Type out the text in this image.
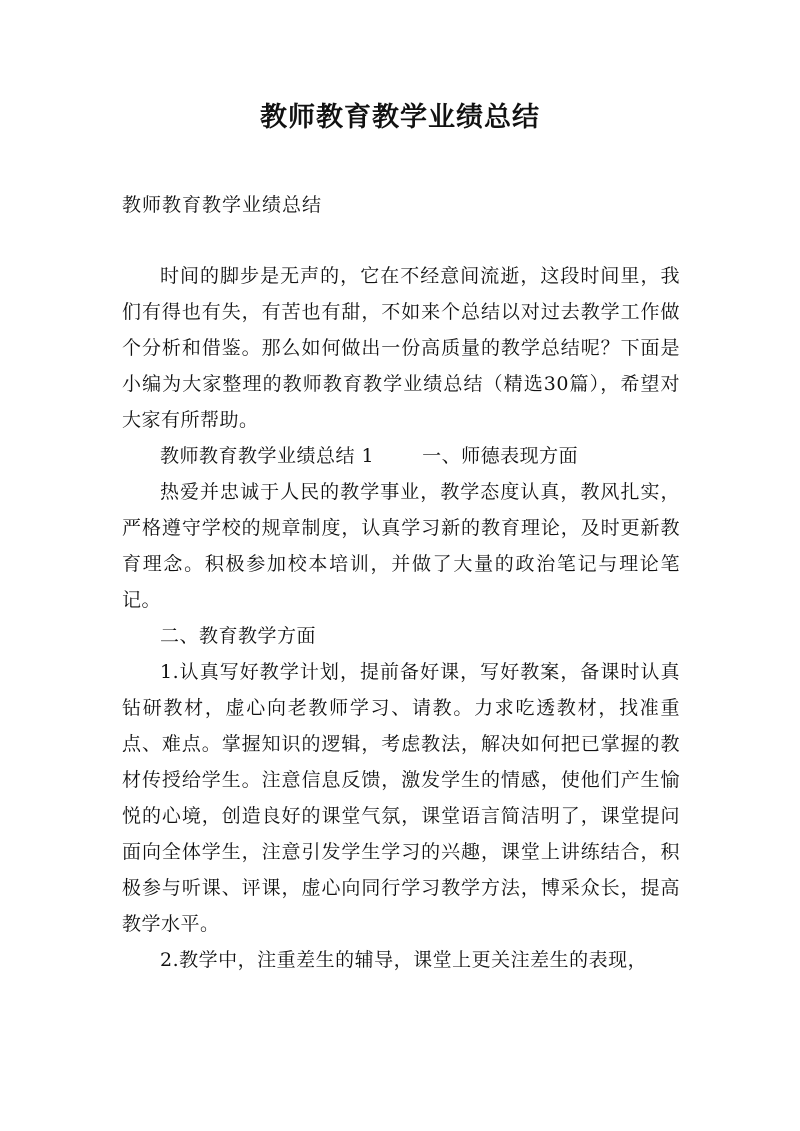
教师教育教学业绩总结

教师教育教学业绩总结

时间的脚步是无声的，它在不经意间流逝，这段时间里，我们有得也有失，有苦也有甜，不如来个总结以对过去教学工作做个分析和借鉴。那么如何做出一份高质量的教学总结呢？下面是小编为大家整理的教师教育教学业绩总结（精选30篇），希望对大家有所帮助。

教师教育教学业绩总结 1	一、师德表现方面

热爱并忠诚于人民的教学事业，教学态度认真，教风扎实，严格遵守学校的规章制度，认真学习新的教育理论，及时更新教育理念。积极参加校本培训，并做了大量的政治笔记与理论笔记。

二、教育教学方面

1.认真写好教学计划，提前备好课，写好教案，备课时认真钻研教材，虚心向老教师学习、请教。力求吃透教材，找准重点、难点。掌握知识的逻辑，考虑教法，解决如何把已掌握的教材传授给学生。注意信息反馈，激发学生的情感，使他们产生愉悦的心境，创造良好的课堂气氛，课堂语言简洁明了，课堂提问面向全体学生，注意引发学生学习的兴趣，课堂上讲练结合，积极参与听课、评课，虚心向同行学习教学方法，博采众长，提高教学水平。

2.教学中，注重差生的辅导，课堂上更关注差生的表现，
